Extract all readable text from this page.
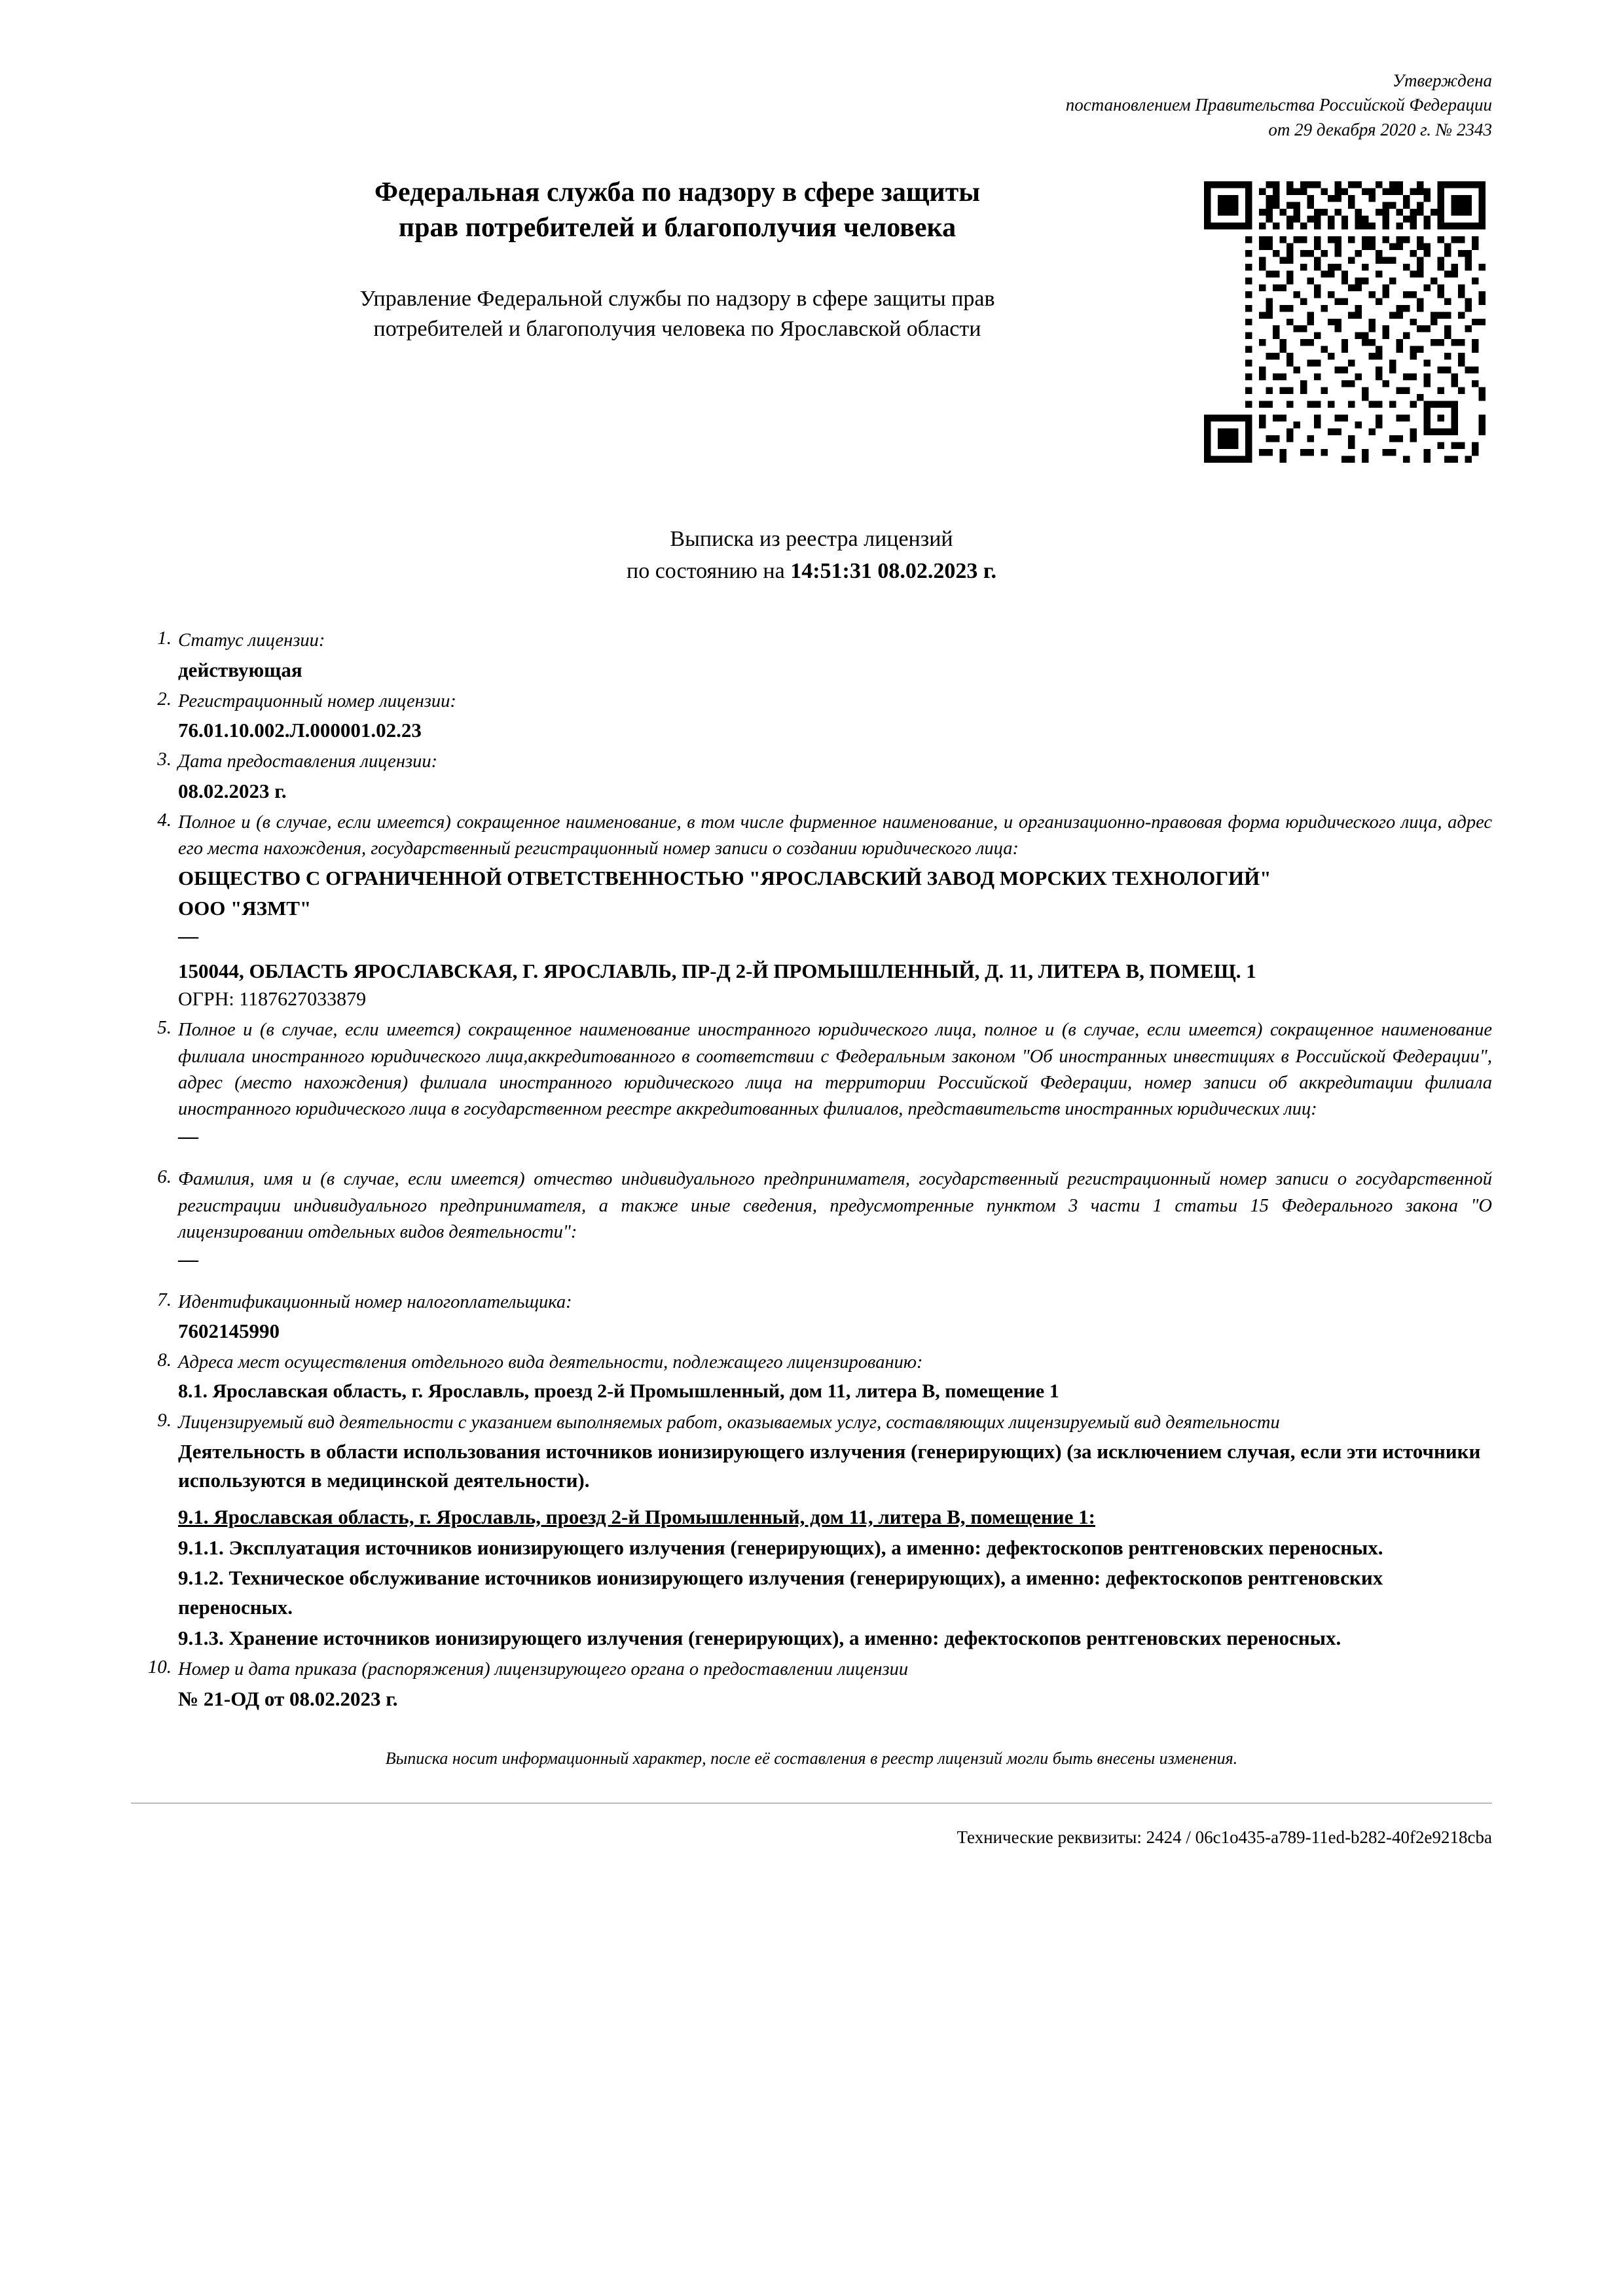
Утверждена
постановлением Правительства Российской Федерации
от 29 декабря 2020 г. № 2343
Федеральная служба по надзору в сфере защиты прав потребителей и благополучия человека
Управление Федеральной службы по надзору в сфере защиты прав потребителей и благополучия человека по Ярославской области
Выписка из реестра лицензий
по состоянию на 14:51:31 08.02.2023 г.
Статус лицензии:
действующая
Регистрационный номер лицензии:
76.01.10.002.Л.000001.02.23
Дата предоставления лицензии:
08.02.2023 г.
Полное и (в случае, если имеется) сокращенное наименование, в том числе фирменное наименование, и организационно-правовая форма юридического лица, адрес его места нахождения, государственный регистрационный номер записи о создании юридического лица:
ОБЩЕСТВО С ОГРАНИЧЕННОЙ ОТВЕТСТВЕННОСТЬЮ "ЯРОСЛАВСКИЙ ЗАВОД МОРСКИХ ТЕХНОЛОГИЙ"
ООО "ЯЗМТ"
—
150044, ОБЛАСТЬ ЯРОСЛАВСКАЯ, Г. ЯРОСЛАВЛЬ, ПР-Д 2-Й ПРОМЫШЛЕННЫЙ, Д. 11, ЛИТЕРА В, ПОМЕЩ. 1
ОГРН: 1187627033879
Полное и (в случае, если имеется) сокращенное наименование иностранного юридического лица, полное и (в случае, если имеется) сокращенное наименование филиала иностранного юридического лица,аккредитованного в соответствии с Федеральным законом "Об иностранных инвестициях в Российской Федерации", адрес (место нахождения) филиала иностранного юридического лица на территории Российской Федерации, номер записи об аккредитации филиала иностранного юридического лица в государственном реестре аккредитованных филиалов, представительств иностранных юридических лиц:
—
Фамилия, имя и (в случае, если имеется) отчество индивидуального предпринимателя, государственный регистрационный номер записи о государственной регистрации индивидуального предпринимателя, а также иные сведения, предусмотренные пунктом 3 части 1 статьи 15 Федерального закона "О лицензировании отдельных видов деятельности":
—
Идентификационный номер налогоплательщика:
7602145990
Адреса мест осуществления отдельного вида деятельности, подлежащего лицензированию:
8.1. Ярославская область, г. Ярославль, проезд 2-й Промышленный, дом 11, литера В, помещение 1
Лицензируемый вид деятельности с указанием выполняемых работ, оказываемых услуг, составляющих лицензируемый вид деятельности
Деятельность в области использования источников ионизирующего излучения (генерирующих) (за исключением случая, если эти источники используются в медицинской деятельности).
9.1. Ярославская область, г. Ярославль, проезд 2-й Промышленный, дом 11, литера В, помещение 1:
9.1.1. Эксплуатация источников ионизирующего излучения (генерирующих), а именно: дефектоскопов рентгеновских переносных.
9.1.2. Техническое обслуживание источников ионизирующего излучения (генерирующих), а именно: дефектоскопов рентгеновских переносных.
9.1.3. Хранение источников ионизирующего излучения (генерирующих), а именно: дефектоскопов рентгеновских переносных.
Номер и дата приказа (распоряжения) лицензирующего органа о предоставлении лицензии
№ 21-ОД от 08.02.2023 г.
Выписка носит информационный характер, после её составления в реестр лицензий могли быть внесены изменения.
Технические реквизиты: 2424 / 06c1o435-a789-11ed-b282-40f2e9218cba
